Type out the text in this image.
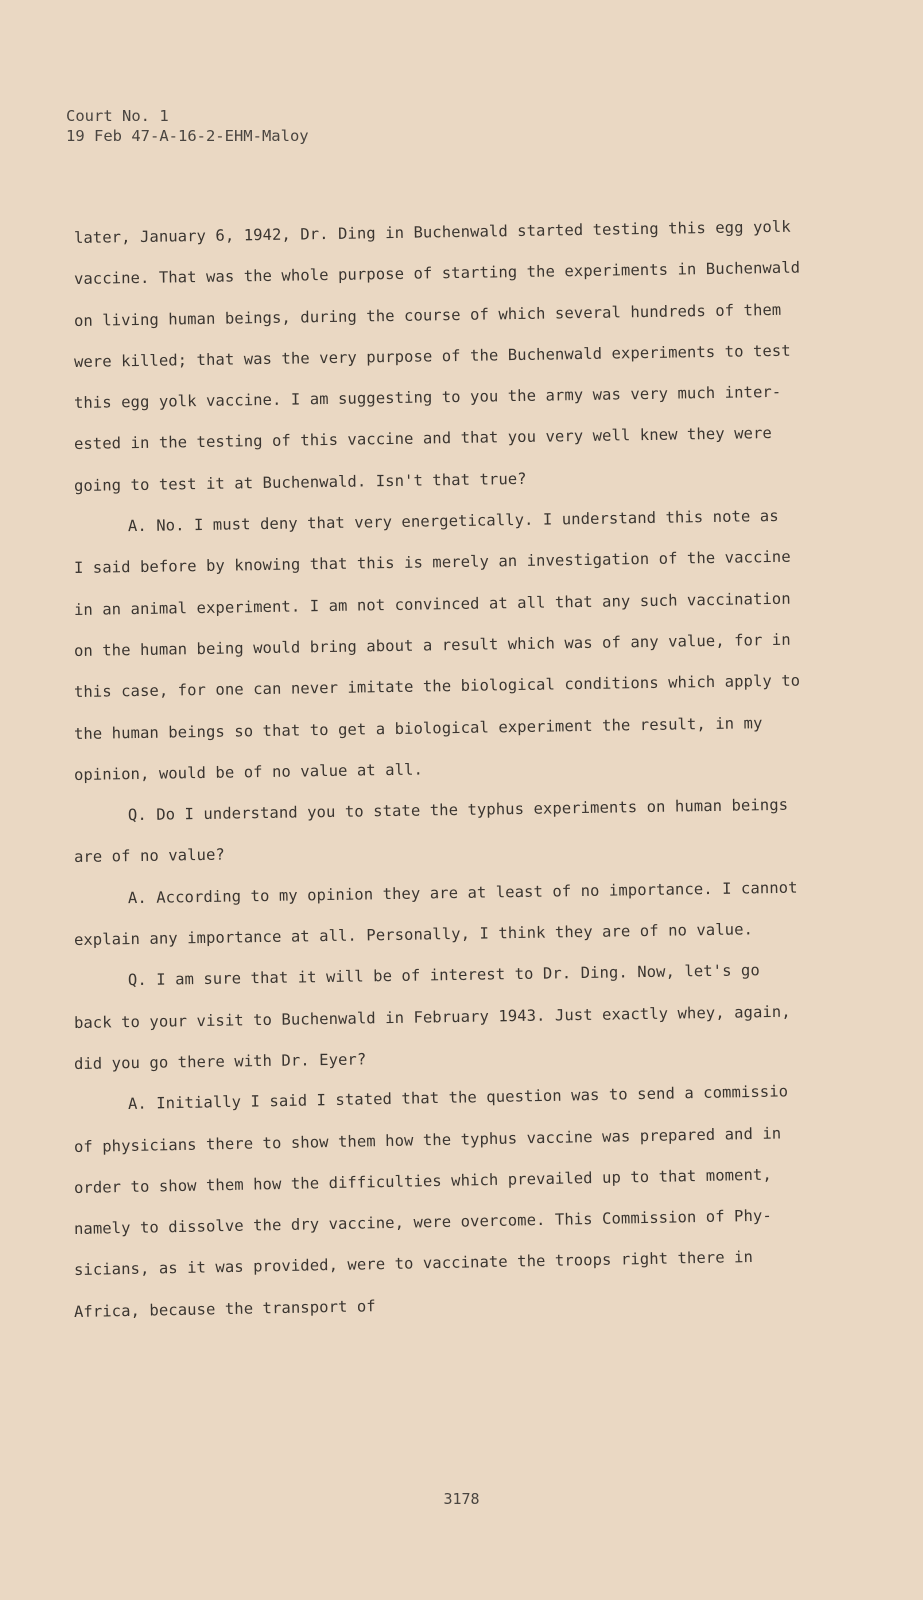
Court No. 1
19 Feb 47-A-16-2-EHM-Maloy
later, January 6, 1942, Dr. Ding in Buchenwald started testing this egg yolk
vaccine. That was the whole purpose of starting the experiments in Buchenwald
on living human beings, during the course of which several hundreds of them
were killed; that was the very purpose of the Buchenwald experiments to test
this egg yolk vaccine. I am suggesting to you the army was very much inter-
ested in the testing of this vaccine and that you very well knew they were
going to test it at Buchenwald. Isn't that true?
A. No. I must deny that very energetically. I understand this note as
I said before by knowing that this is merely an investigation of the vaccine
in an animal experiment. I am not convinced at all that any such vaccination
on the human being would bring about a result which was of any value, for in
this case, for one can never imitate the biological conditions which apply to
the human beings so that to get a biological experiment the result, in my
opinion, would be of no value at all.
Q. Do I understand you to state the typhus experiments on human beings
are of no value?
A. According to my opinion they are at least of no importance. I cannot
explain any importance at all. Personally, I think they are of no value.
Q. I am sure that it will be of interest to Dr. Ding. Now, let's go
back to your visit to Buchenwald in February 1943. Just exactly whey, again,
did you go there with Dr. Eyer?
A. Initially I said I stated that the question was to send a commissio
of physicians there to show them how the typhus vaccine was prepared and in
order to show them how the difficulties which prevailed up to that moment,
namely to dissolve the dry vaccine, were overcome. This Commission of Phy-
sicians, as it was provided, were to vaccinate the troops right there in
Africa, because the transport of
3178
